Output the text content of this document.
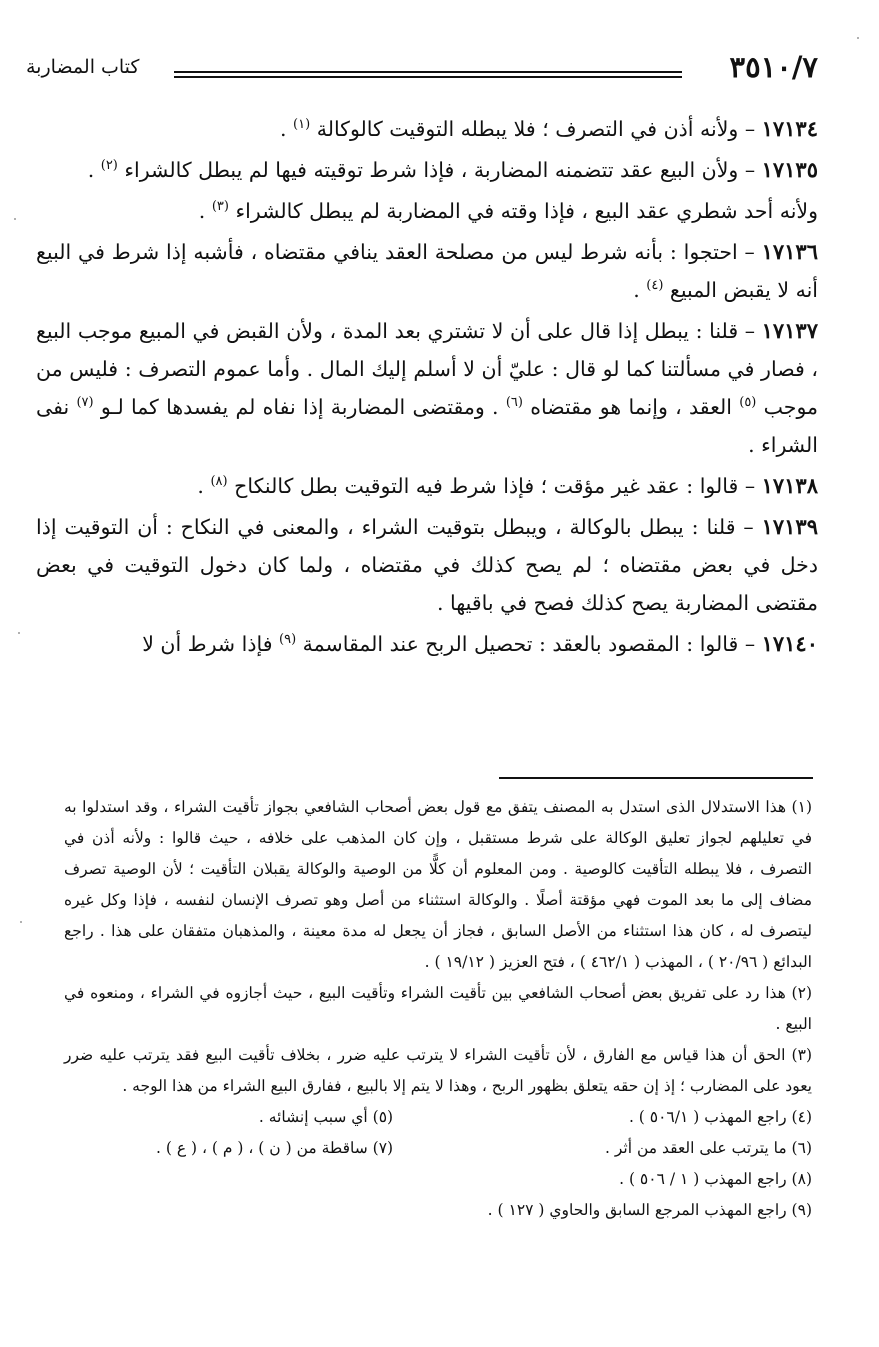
٣٥١٠/٧
كتاب المضاربة

١٧١٣٤ – ولأنه أذن في التصرف ؛ فلا يبطله التوقيت كالوكالة $^{(١)}$ .

١٧١٣٥ – ولأن البيع عقد تتضمنه المضاربة ، فإذا شرط توقيته فيها لم يبطل كالشراء $^{(٢)}$ .

ولأنه أحد شطري عقد البيع ، فإذا وقته في المضاربة لم يبطل كالشراء $^{(٣)}$ .

١٧١٣٦ – احتجوا : بأنه شرط ليس من مصلحة العقد ينافي مقتضاه ، فأشبه إذا شرط في البيع أنه لا يقبض المبيع $^{(٤)}$ .

١٧١٣٧ – قلنا : يبطل إذا قال على أن لا تشتري بعد المدة ، ولأن القبض في المبيع موجب البيع ، فصار في مسألتنا كما لو قال : عليّ أن لا أسلم إليك المال . وأما عموم التصرف : فليس من موجب $^{(٥)}$ العقد ، وإنما هو مقتضاه $^{(٦)}$ . ومقتضى المضاربة إذا نفاه لم يفسدها كما لـو $^{(٧)}$ نفى الشراء .

١٧١٣٨ – قالوا : عقد غير مؤقت ؛ فإذا شرط فيه التوقيت بطل كالنكاح $^{(٨)}$ .

١٧١٣٩ – قلنا : يبطل بالوكالة ، ويبطل بتوقيت الشراء ، والمعنى في النكاح : أن التوقيت إذا دخل في بعض مقتضاه ؛ لم يصح كذلك في مقتضاه ، ولما كان دخول التوقيت في بعض مقتضى المضاربة يصح كذلك فصح في باقيها .

١٧١٤٠ – قالوا : المقصود بالعقد : تحصيل الربح عند المقاسمة $^{(٩)}$ فإذا شرط أن لا

(١) هذا الاستدلال الذى استدل به المصنف يتفق مع قول بعض أصحاب الشافعي بجواز تأقيت الشراء ، وقد استدلوا به في تعليلهم لجواز تعليق الوكالة على شرط مستقبل ، وإن كان المذهب على خلافه ، حيث قالوا : ولأنه أذن في التصرف ، فلا يبطله التأقيت كالوصية . ومن المعلوم أن كلًّا من الوصية والوكالة يقبلان التأقيت ؛ لأن الوصية تصرف مضاف إلى ما بعد الموت فهي مؤقتة أصلًا . والوكالة استثناء من أصل وهو تصرف الإنسان لنفسه ، فإذا وكل غيره ليتصرف له ، كان هذا استثناء من الأصل السابق ، فجاز أن يجعل له مدة معينة ، والمذهبان متفقان على هذا . راجع البدائع ( ٢٠/٩٦ ) ، المهذب ( ٤٦٢/١ ) ، فتح العزيز ( ١٩/١٢ ) .

(٢) هذا رد على تفريق بعض أصحاب الشافعي بين تأقيت الشراء وتأقيت البيع ، حيث أجازوه في الشراء ، ومنعوه في البيع .

(٣) الحق أن هذا قياس مع الفارق ، لأن تأقيت الشراء لا يترتب عليه ضرر ، بخلاف تأقيت البيع فقد يترتب عليه ضرر يعود على المضارب ؛ إذ إن حقه يتعلق بظهور الربح ، وهذا لا يتم إلا بالبيع ، ففارق البيع الشراء من هذا الوجه .

(٤) راجع المهذب ( ٥٠٦/١ ) .
(٥) أي سبب إنشائه .
(٦) ما يترتب على العقد من أثر .
(٧) ساقطة من ( ن ) ، ( م ) ، ( ع ) .

(٨) راجع المهذب ( ١ / ٥٠٦ ) .

(٩) راجع المهذب المرجع السابق والحاوي ( ١٢٧ ) .
